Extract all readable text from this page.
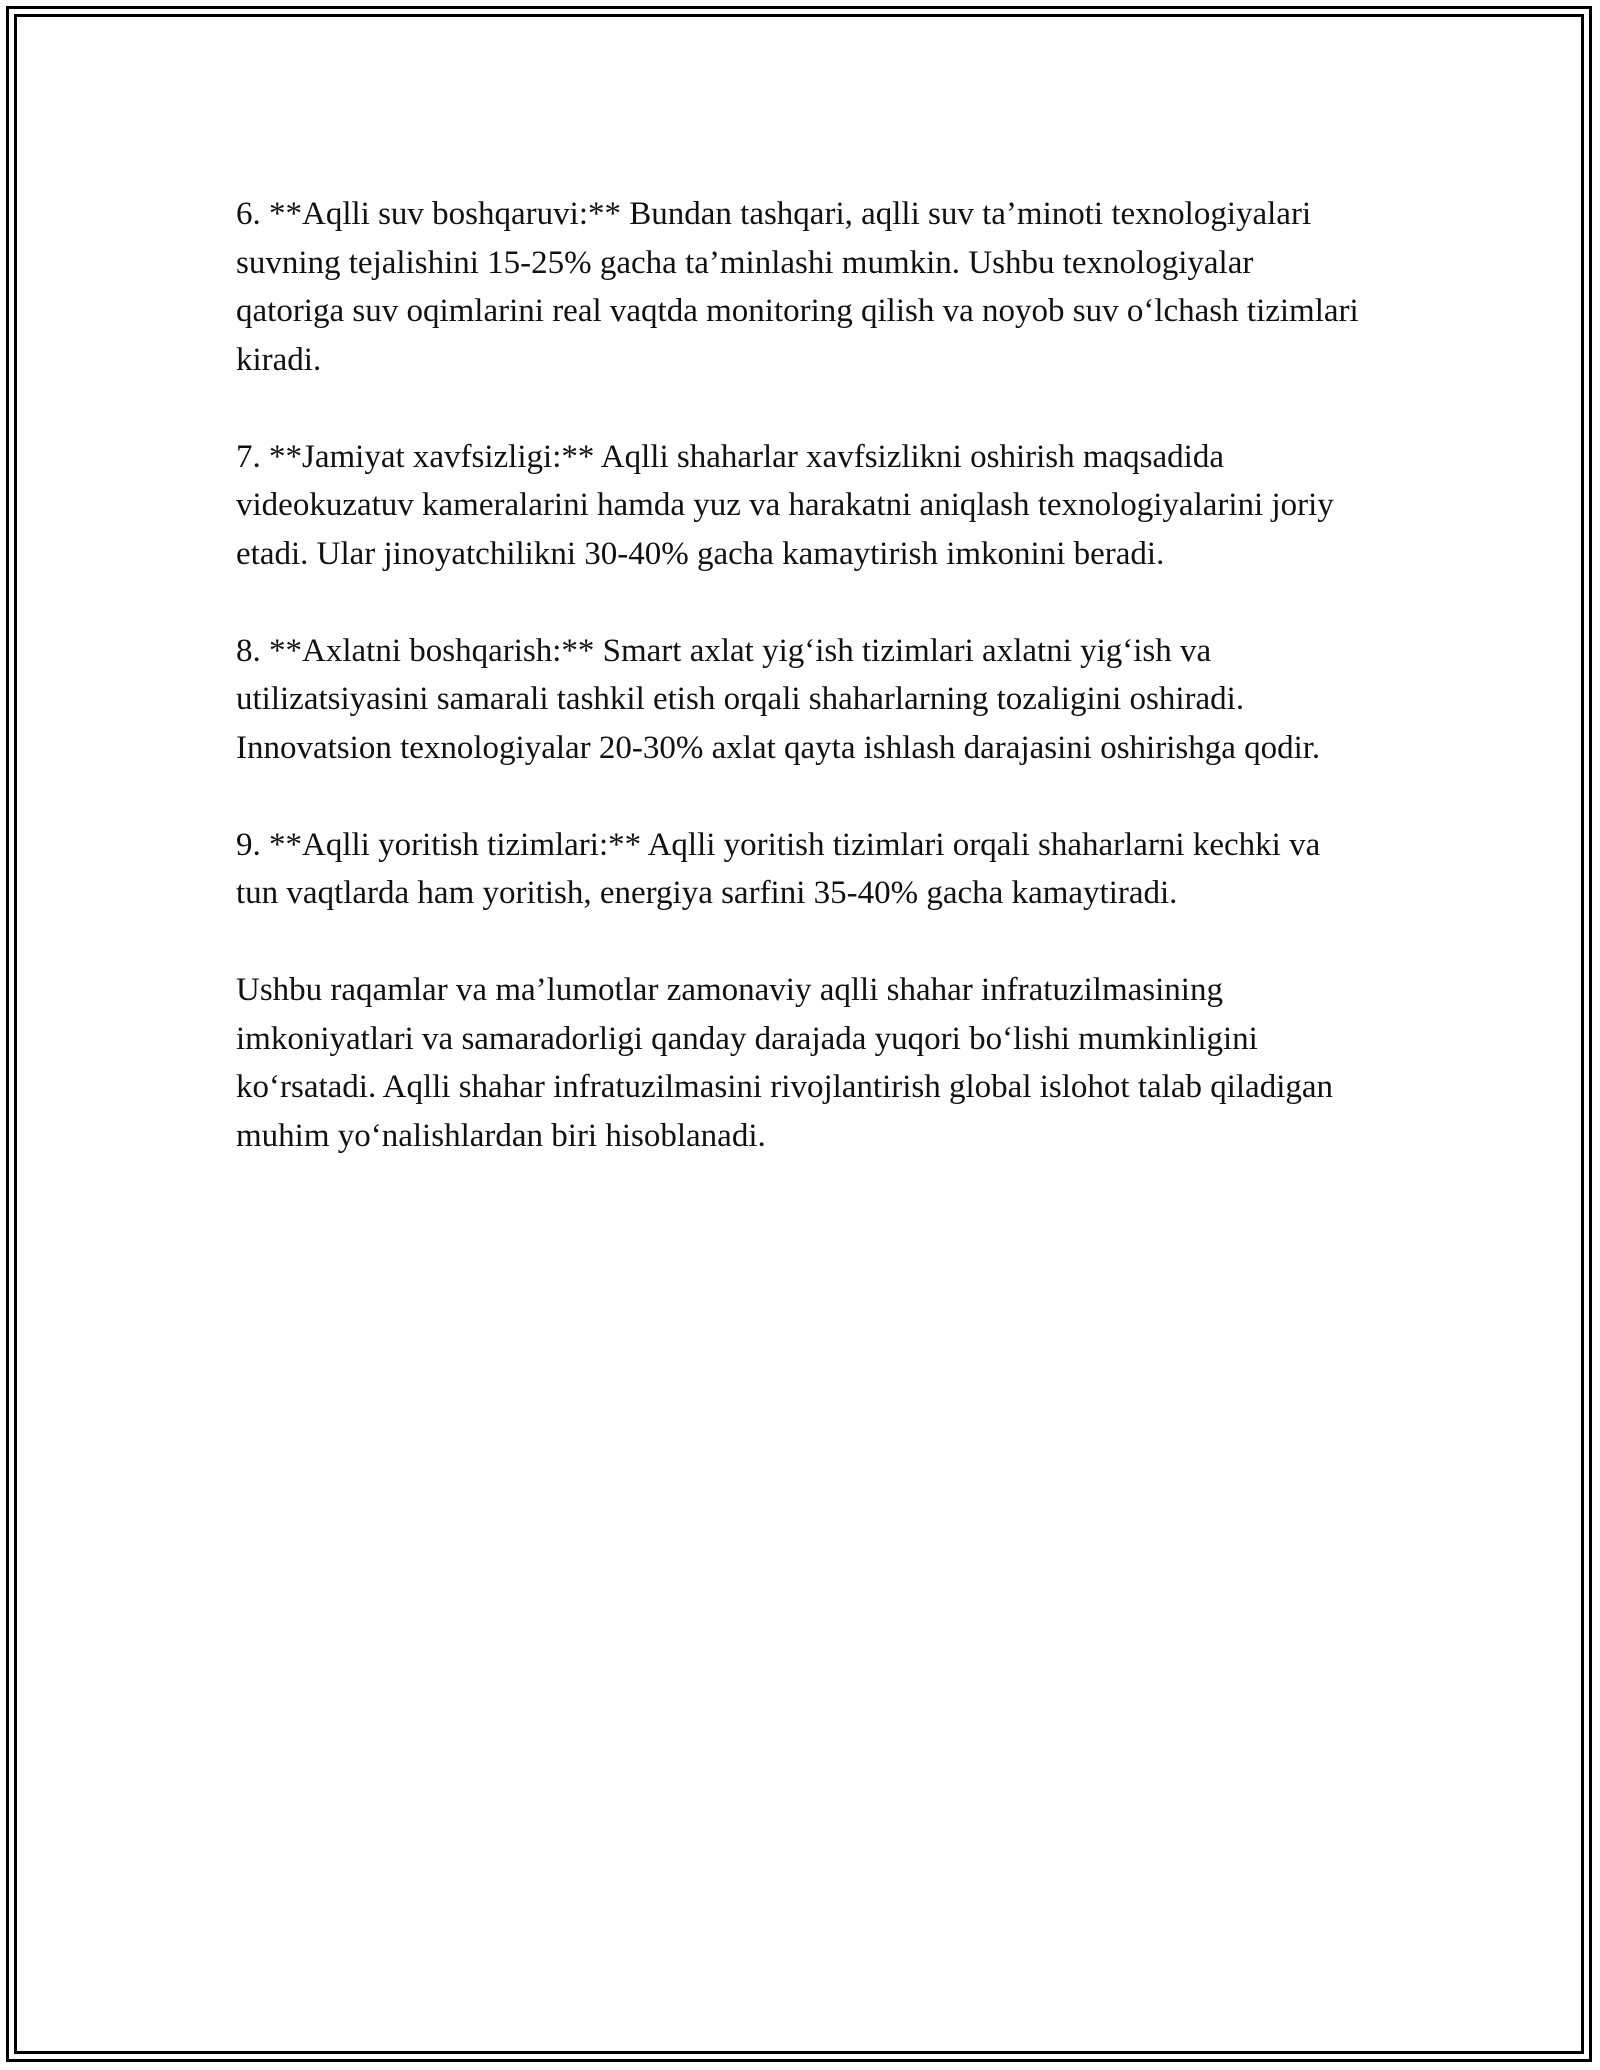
6. **Aqlli suv boshqaruvi:** Bundan tashqari, aqlli suv ta’minoti texnologiyalari suvning tejalishini 15-25% gacha ta’minlashi mumkin. Ushbu texnologiyalar qatoriga suv oqimlarini real vaqtda monitoring qilish va noyob suv o‘lchash tizimlari kiradi.

7. **Jamiyat xavfsizligi:** Aqlli shaharlar xavfsizlikni oshirish maqsadida videokuzatuv kameralarini hamda yuz va harakatni aniqlash texnologiyalarini joriy etadi. Ular jinoyatchilikni 30-40% gacha kamaytirish imkonini beradi.

8. **Axlatni boshqarish:** Smart axlat yig‘ish tizimlari axlatni yig‘ish va utilizatsiyasini samarali tashkil etish orqali shaharlarning tozaligini oshiradi. Innovatsion texnologiyalar 20-30% axlat qayta ishlash darajasini oshirishga qodir.

9. **Aqlli yoritish tizimlari:** Aqlli yoritish tizimlari orqali shaharlarni kechki va tun vaqtlarda ham yoritish, energiya sarfini 35-40% gacha kamaytiradi.

Ushbu raqamlar va ma’lumotlar zamonaviy aqlli shahar infratuzilmasining imkoniyatlari va samaradorligi qanday darajada yuqori bo‘lishi mumkinligini ko‘rsatadi. Aqlli shahar infratuzilmasini rivojlantirish global islohot talab qiladigan muhim yo‘nalishlardan biri hisoblanadi.
